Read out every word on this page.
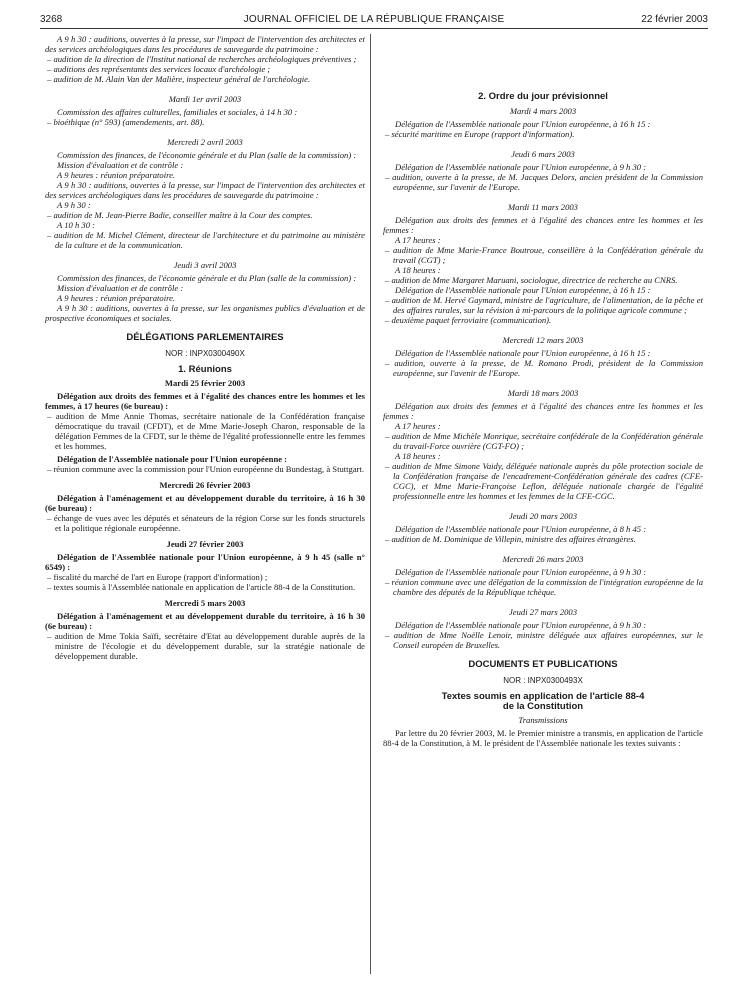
3268	JOURNAL OFFICIEL DE LA RÉPUBLIQUE FRANÇAISE	22 février 2003

A 9 h 30 : auditions, ouvertes à la presse, sur l'impact de l'intervention des architectes et des services archéologiques dans les procédures de sauvegarde du patrimoine :

– audition de la direction de l'Institut national de recherches archéologiques préventives ;

– auditions des représentants des services locaux d'archéologie ;

– audition de M. Alain Van der Malière, inspecteur général de l'archéologie.

Mardi 1er avril 2003

Commission des affaires culturelles, familiales et sociales, à 14 h 30 :

– bioéthique (n° 593) (amendements, art. 88).

Mercredi 2 avril 2003

Commission des finances, de l'économie générale et du Plan (salle de la commission) :

Mission d'évaluation et de contrôle :

A 9 heures : réunion préparatoire.

A 9 h 30 : auditions, ouvertes à la presse, sur l'impact de l'intervention des architectes et des services archéologiques dans les procédures de sauvegarde du patrimoine :

A 9 h 30 :

– audition de M. Jean-Pierre Badie, conseiller maître à la Cour des comptes.

A 10 h 30 :

– audition de M. Michel Clément, directeur de l'architecture et du patrimoine au ministère de la culture et de la communication.

Jeudi 3 avril 2003

Commission des finances, de l'économie générale et du Plan (salle de la commission) :

Mission d'évaluation et de contrôle :

A 9 heures : réunion préparatoire.

A 9 h 30 : auditions, ouvertes à la presse, sur les organismes publics d'évaluation et de prospective économiques et sociales.

DÉLÉGATIONS PARLEMENTAIRES

NOR : INPX0300490X

1. Réunions

Mardi 25 février 2003

Délégation aux droits des femmes et à l'égalité des chances entre les hommes et les femmes, à 17 heures (6e bureau) :

– audition de Mme Annie Thomas, secrétaire nationale de la Confédération française démocratique du travail (CFDT), et de Mme Marie-Joseph Charon, responsable de la délégation Femmes de la CFDT, sur le thème de l'égalité professionnelle entre les femmes et les hommes.

Délégation de l'Assemblée nationale pour l'Union européenne :

– réunion commune avec la commission pour l'Union européenne du Bundestag, à Stuttgart.

Mercredi 26 février 2003

Délégation à l'aménagement et au développement durable du territoire, à 16 h 30 (6e bureau) :

– échange de vues avec les députés et sénateurs de la région Corse sur les fonds structurels et la politique régionale européenne.

Jeudi 27 février 2003

Délégation de l'Assemblée nationale pour l'Union européenne, à 9 h 45 (salle n° 6549) :

– fiscalité du marché de l'art en Europe (rapport d'information) ;

– textes soumis à l'Assemblée nationale en application de l'article 88-4 de la Constitution.

Mercredi 5 mars 2003

Délégation à l'aménagement et au développement durable du territoire, à 16 h 30 (6e bureau) :

– audition de Mme Tokia Saïfi, secrétaire d'Etat au développement durable auprès de la ministre de l'écologie et du développement durable, sur la stratégie nationale de développement durable.

2. Ordre du jour prévisionnel

Mardi 4 mars 2003

Délégation de l'Assemblée nationale pour l'Union européenne, à 16 h 15 :

– sécurité maritime en Europe (rapport d'information).

Jeudi 6 mars 2003

Délégation de l'Assemblée nationale pour l'Union européenne, à 9 h 30 :

– audition, ouverte à la presse, de M. Jacques Delors, ancien président de la Commission européenne, sur l'avenir de l'Europe.

Mardi 11 mars 2003

Délégation aux droits des femmes et à l'égalité des chances entre les hommes et les femmes :

A 17 heures :

– audition de Mme Marie-France Boutroue, conseillère à la Confédération générale du travail (CGT) ;

A 18 heures :

– audition de Mme Margaret Maruani, sociologue, directrice de recherche au CNRS.

Délégation de l'Assemblée nationale pour l'Union européenne, à 16 h 15 :

– audition de M. Hervé Gaymard, ministre de l'agriculture, de l'alimentation, de la pêche et des affaires rurales, sur la révision à mi-parcours de la politique agricole commune ;

– deuxième paquet ferroviaire (communication).

Mercredi 12 mars 2003

Délégation de l'Assemblée nationale pour l'Union européenne, à 16 h 15 :

– audition, ouverte à la presse, de M. Romano Prodi, président de la Commission européenne, sur l'avenir de l'Europe.

Mardi 18 mars 2003

Délégation aux droits des femmes et à l'égalité des chances entre les hommes et les femmes :

A 17 heures :

– audition de Mme Michèle Monrique, secrétaire confédérale de la Confédération générale du travail-Force ouvrière (CGT-FO) ;

A 18 heures :

– audition de Mme Simone Vaidy, déléguée nationale auprès du pôle protection sociale de la Confédération française de l'encadrement-Confédération générale des cadres (CFE-CGC), et Mme Marie-Françoise Leflon, déléguée nationale chargée de l'égalité professionnelle entre les hommes et les femmes de la CFE-CGC.

Jeudi 20 mars 2003

Délégation de l'Assemblée nationale pour l'Union européenne, à 8 h 45 :

– audition de M. Dominique de Villepin, ministre des affaires étrangères.

Mercredi 26 mars 2003

Délégation de l'Assemblée nationale pour l'Union européenne, à 9 h 30 :

– réunion commune avec une délégation de la commission de l'intégration européenne de la chambre des députés de la République tchèque.

Jeudi 27 mars 2003

Délégation de l'Assemblée nationale pour l'Union européenne, à 9 h 30 :

– audition de Mme Noëlle Lenoir, ministre déléguée aux affaires européennes, sur le Conseil européen de Bruxelles.

DOCUMENTS ET PUBLICATIONS

NOR : INPX0300493X

Textes soumis en application de l'article 88-4

de la Constitution

Transmissions

Par lettre du 20 février 2003, M. le Premier ministre a transmis, en application de l'article 88-4 de la Constitution, à M. le président de l'Assemblée nationale les textes suivants :
